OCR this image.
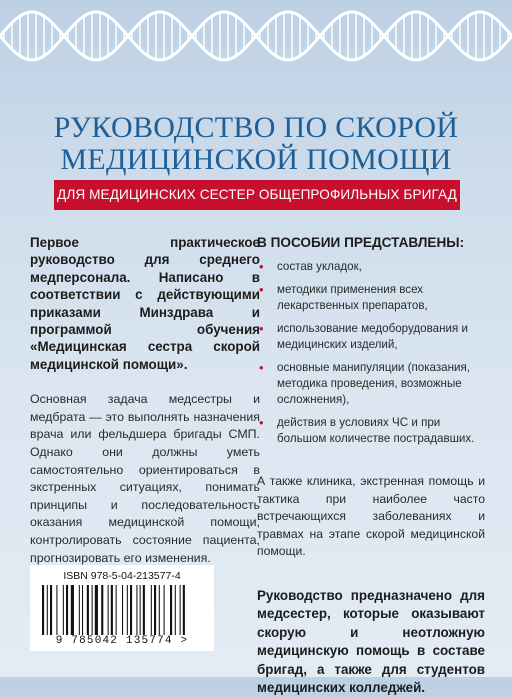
РУКОВОДСТВО ПО СКОРОЙ
МЕДИЦИНСКОЙ ПОМОЩИ
ДЛЯ МЕДИЦИНСКИХ СЕСТЕР ОБЩЕПРОФИЛЬНЫХ БРИГАД

Первое практическое руководство для среднего медперсонала. Написано в соответствии с действующими приказами Минздрава и программой обучения «Медицинская сестра скорой медицинской помощи».

Основная задача медсестры и медбрата — это выполнять назначения врача или фельдшера бригады СМП. Однако они должны уметь самостоятельно ориентироваться в экстренных ситуациях, понимать принципы и последовательность оказания медицинской помощи, контролировать состояние пациента, прогнозировать его изменения.

В ПОСОБИИ ПРЕДСТАВЛЕНЫ:

• состав укладок,
• методики применения всех лекарственных препаратов,
• использование медоборудования и медицинских изделий,
• основные манипуляции (показания, методика проведения, возможные осложнения),
• действия в условиях ЧС и при большом количестве пострадавших.

А также клиника, экстренная помощь и тактика при наиболее часто встречающихся заболеваниях и травмах на этапе скорой медицинской помощи.

Руководство предназначено для медсестер, которые оказывают скорую и неотложную медицинскую помощь в составе бригад, а также для студентов медицинских колледжей.

ISBN 978-5-04-213577-4
9 785042 135774 >
